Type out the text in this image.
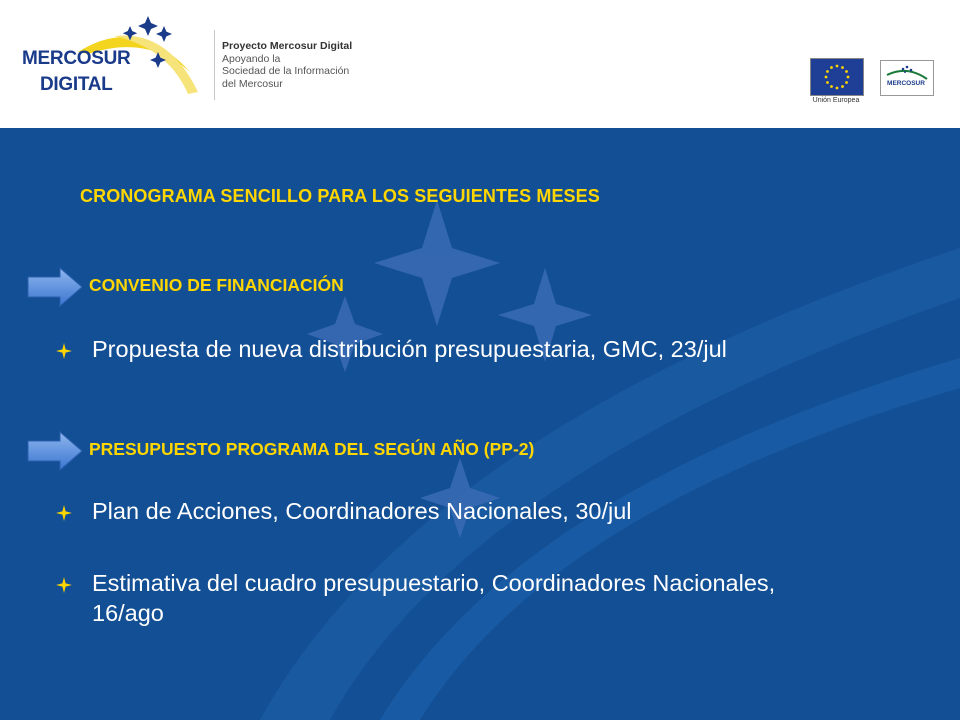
MERCOSUR
DIGITAL
Proyecto Mercosur Digital
Apoyando la
Sociedad de la Información
del Mercosur
Unión Europea
MERCOSUR
CRONOGRAMA SENCILLO PARA LOS SEGUIENTES MESES
CONVENIO DE FINANCIACIÓN
Propuesta de nueva distribución presupuestaria, GMC, 23/jul
PRESUPUESTO PROGRAMA DEL SEGÚN AÑO (PP-2)
Plan de Acciones, Coordinadores Nacionales, 30/jul
Estimativa del cuadro presupuestario, Coordinadores Nacionales, 16/ago
